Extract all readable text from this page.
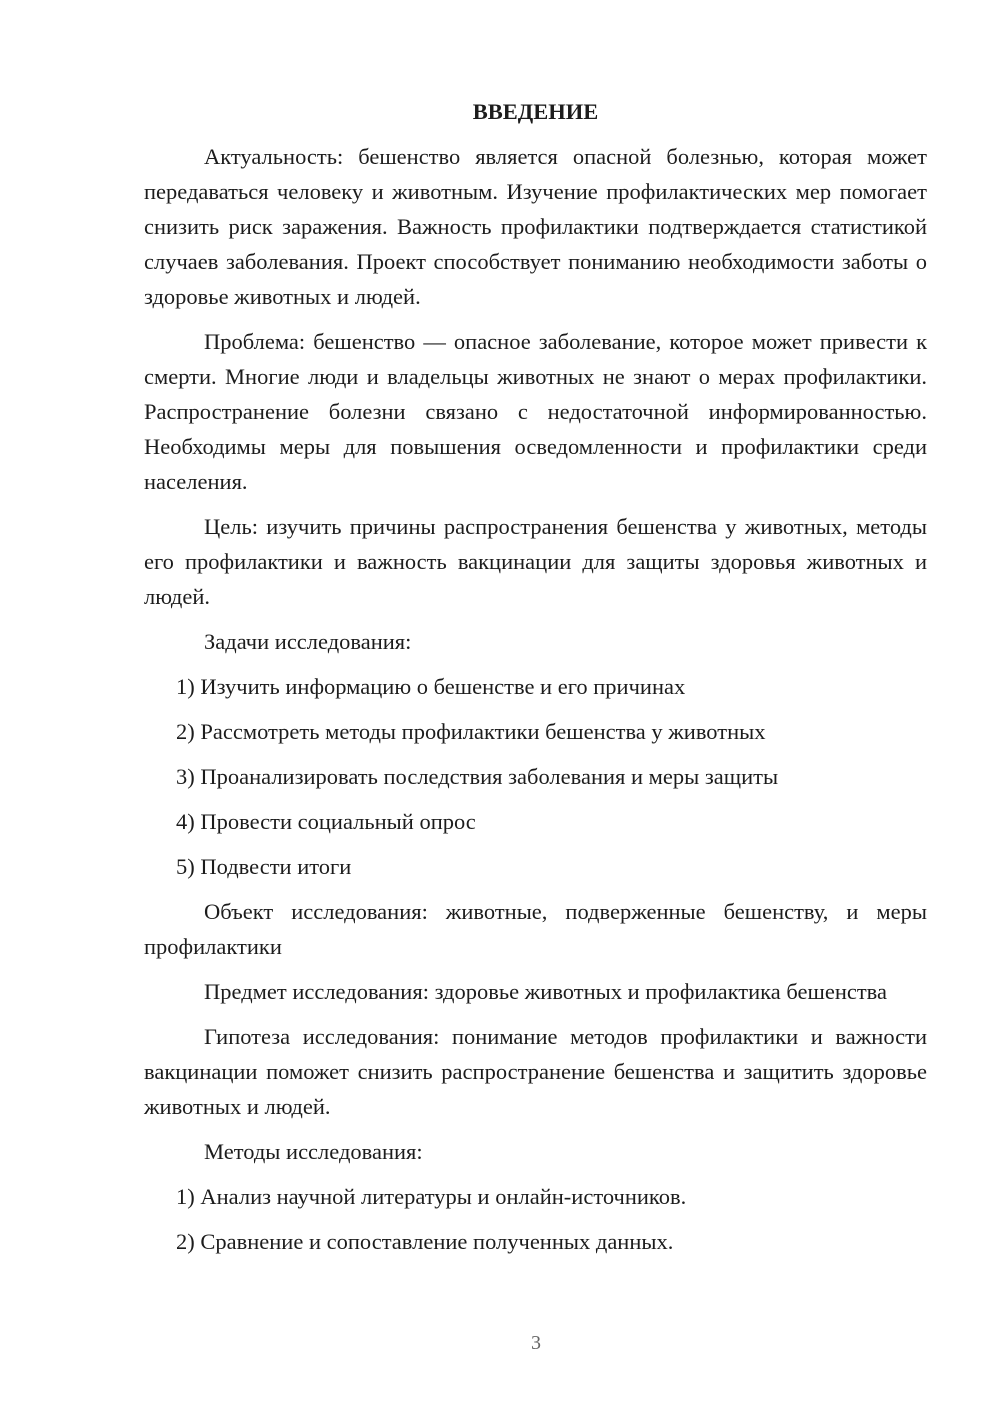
ВВЕДЕНИЕ

Актуальность: бешенство является опасной болезнью, которая может передаваться человеку и животным. Изучение профилактических мер помогает снизить риск заражения. Важность профилактики подтверждается статистикой случаев заболевания. Проект способствует пониманию необходимости заботы о здоровье животных и людей.

Проблема: бешенство — опасное заболевание, которое может привести к смерти. Многие люди и владельцы животных не знают о мерах профилактики. Распространение болезни связано с недостаточной информированностью. Необходимы меры для повышения осведомленности и профилактики среди населения.

Цель: изучить причины распространения бешенства у животных, методы его профилактики и важность вакцинации для защиты здоровья животных и людей.

Задачи исследования:

1) Изучить информацию о бешенстве и его причинах
2) Рассмотреть методы профилактики бешенства у животных
3) Проанализировать последствия заболевания и меры защиты
4) Провести социальный опрос
5) Подвести итоги

Объект исследования: животные, подверженные бешенству, и меры профилактики

Предмет исследования: здоровье животных и профилактика бешенства

Гипотеза исследования: понимание методов профилактики и важности вакцинации поможет снизить распространение бешенства и защитить здоровье животных и людей.

Методы исследования:

1) Анализ научной литературы и онлайн-источников.
2) Сравнение и сопоставление полученных данных.
3
